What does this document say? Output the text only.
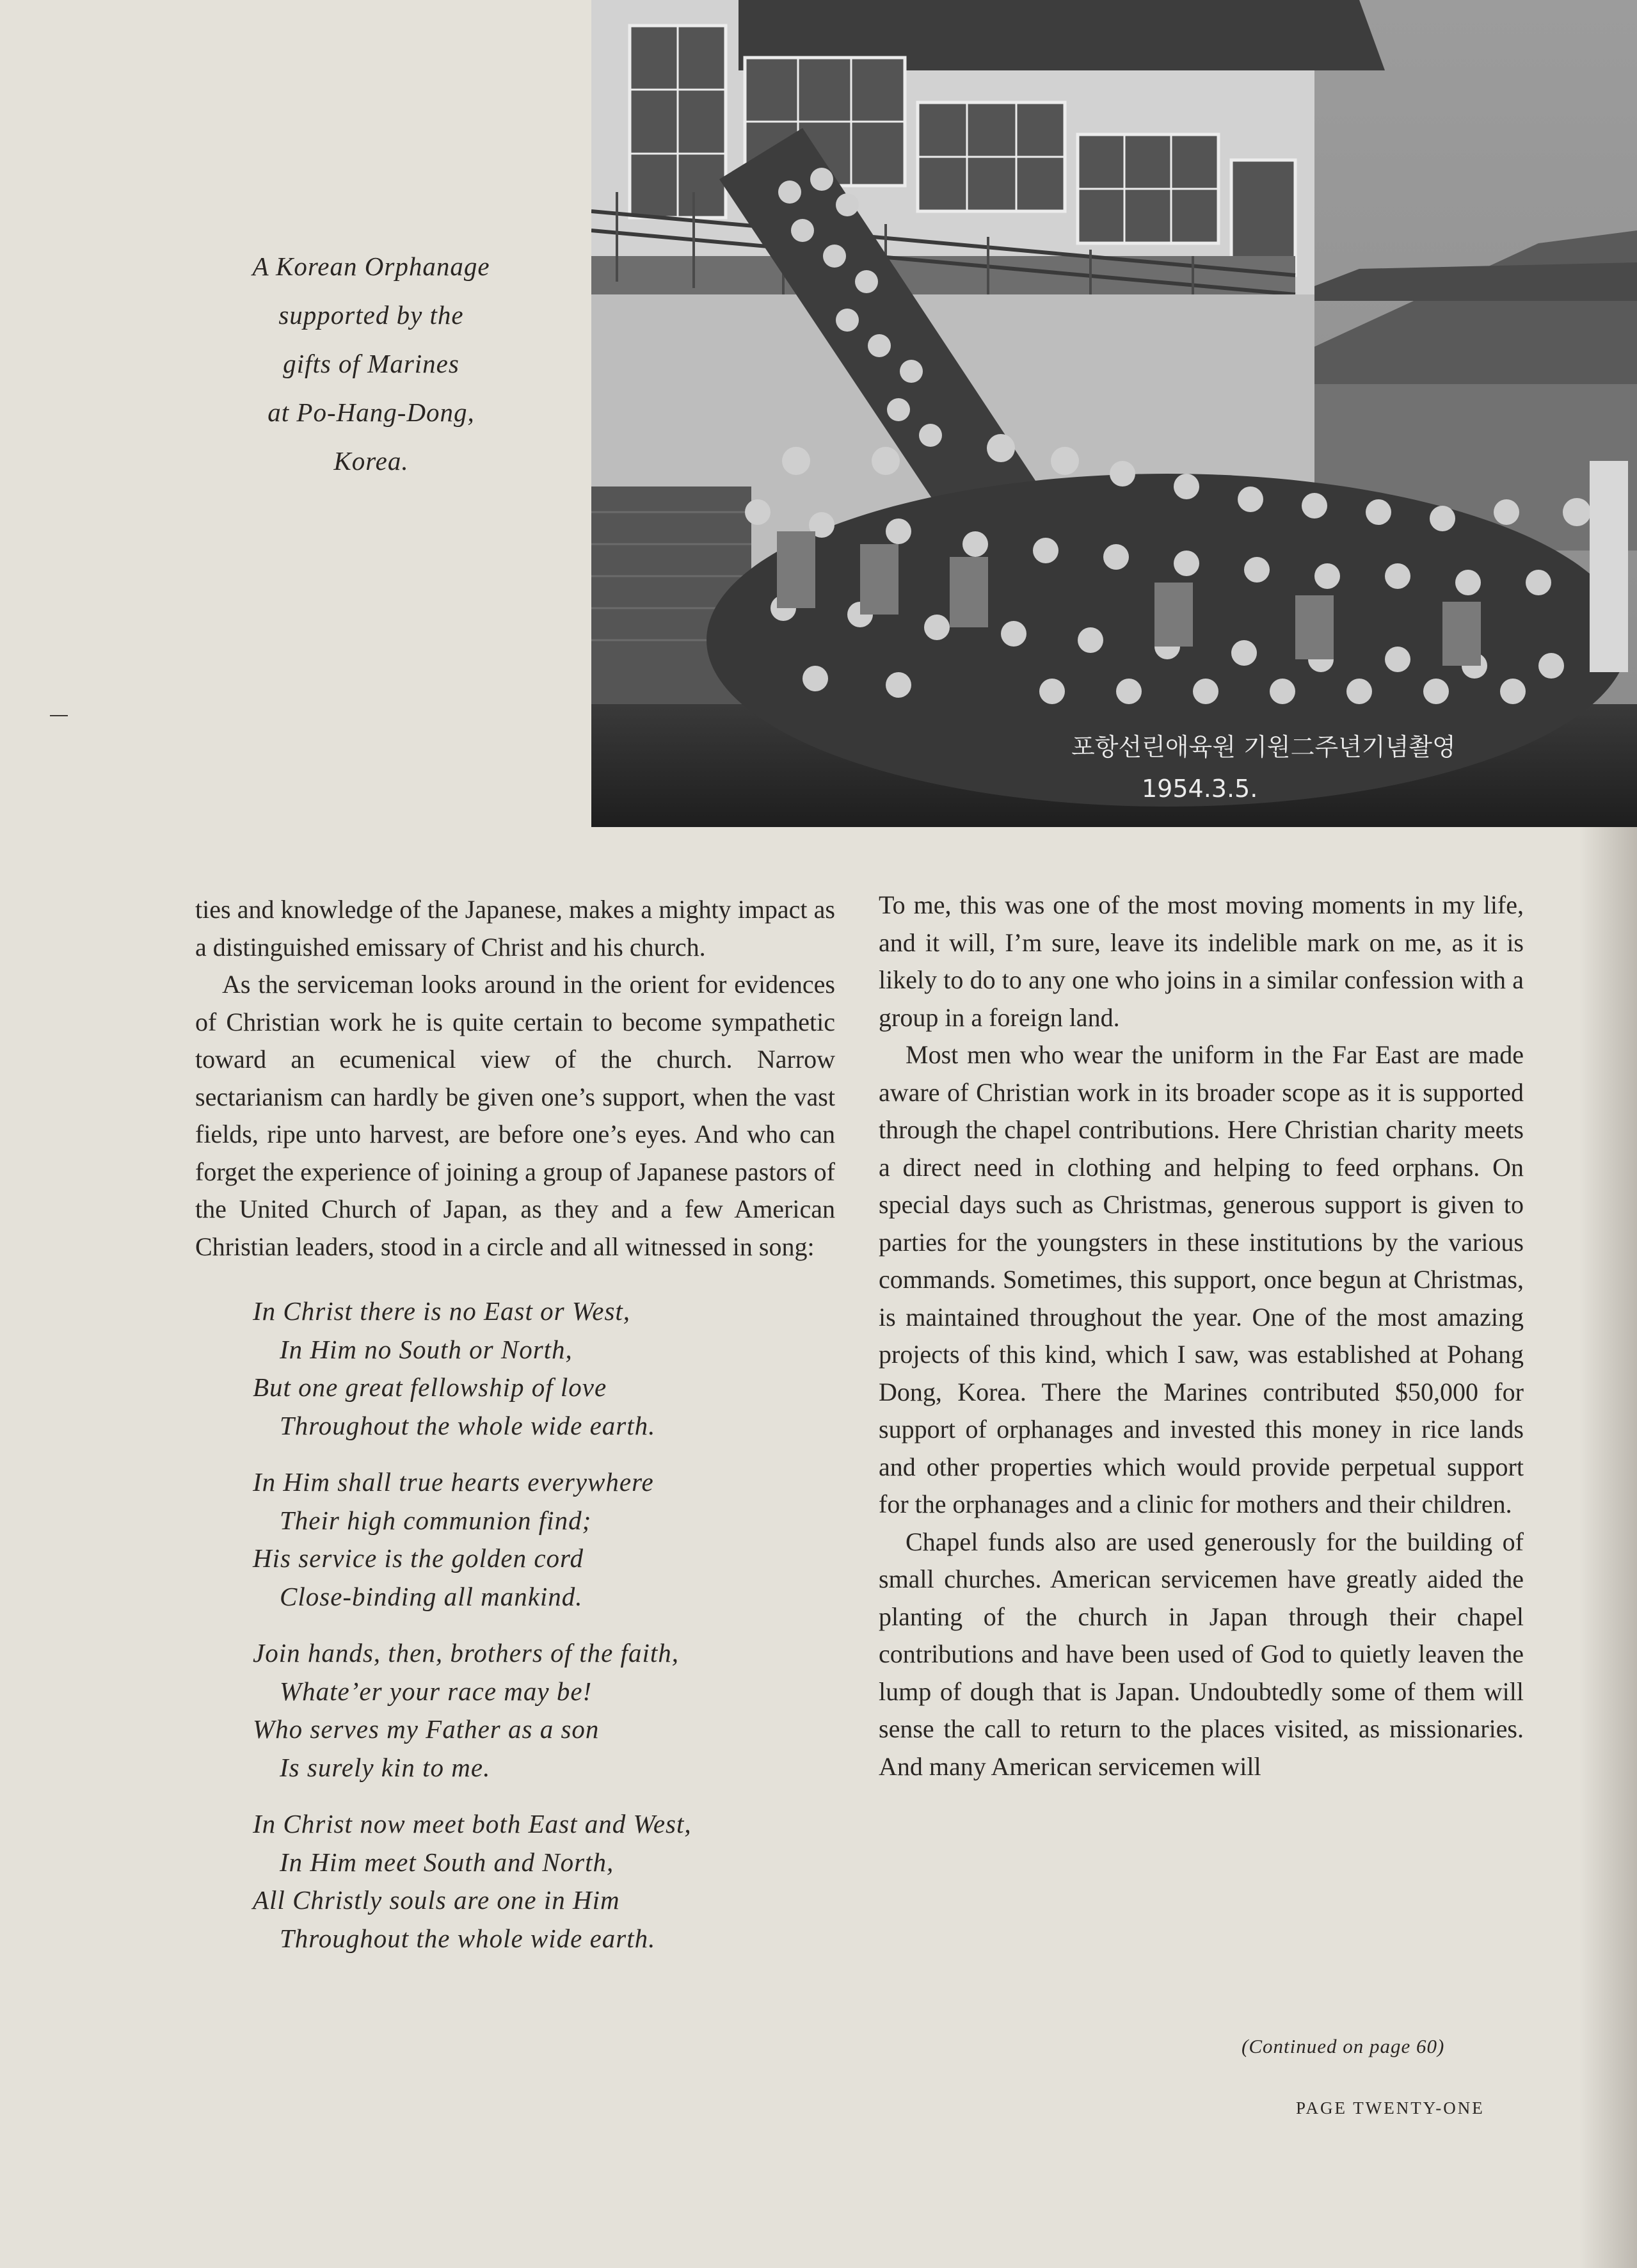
A Korean Orphanage
supported by the
gifts of Marines
at Po-Hang-Dong,
Korea.
포항선린애육원 기원二주년기념촬영
1954.3.5.

ties and knowledge of the Japanese, makes a mighty impact as a distinguished emissary of Christ and his church.

As the serviceman looks around in the orient for evidences of Christian work he is quite certain to become sympathetic toward an ecumenical view of the church. Narrow sectarianism can hardly be given one’s support, when the vast fields, ripe unto harvest, are before one’s eyes. And who can forget the experience of joining a group of Japanese pastors of the United Church of Japan, as they and a few American Christian leaders, stood in a circle and all witnessed in song:

In Christ there is no East or West,
In Him no South or North,
But one great fellowship of love
Throughout the whole wide earth.
In Him shall true hearts everywhere
Their high communion find;
His service is the golden cord
Close-binding all mankind.
Join hands, then, brothers of the faith,
Whate’er your race may be!
Who serves my Father as a son
Is surely kin to me.
In Christ now meet both East and West,
In Him meet South and North,
All Christly souls are one in Him
Throughout the whole wide earth.

To me, this was one of the most moving moments in my life, and it will, I’m sure, leave its indelible mark on me, as it is likely to do to any one who joins in a similar confession with a group in a foreign land.

Most men who wear the uniform in the Far East are made aware of Christian work in its broader scope as it is supported through the chapel contributions. Here Christian charity meets a direct need in clothing and helping to feed orphans. On special days such as Christmas, generous support is given to parties for the youngsters in these institutions by the various commands. Sometimes, this support, once begun at Christmas, is maintained throughout the year. One of the most amazing projects of this kind, which I saw, was established at Pohang Dong, Korea. There the Marines contributed $50,000 for support of orphanages and invested this money in rice lands and other properties which would provide perpetual support for the orphanages and a clinic for mothers and their children.

Chapel funds also are used generously for the building of small churches. American servicemen have greatly aided the planting of the church in Japan through their chapel contributions and have been used of God to quietly leaven the lump of dough that is Japan. Undoubtedly some of them will sense the call to return to the places visited, as missionaries. And many American servicemen will

(Continued on page 60)
PAGE TWENTY-ONE
